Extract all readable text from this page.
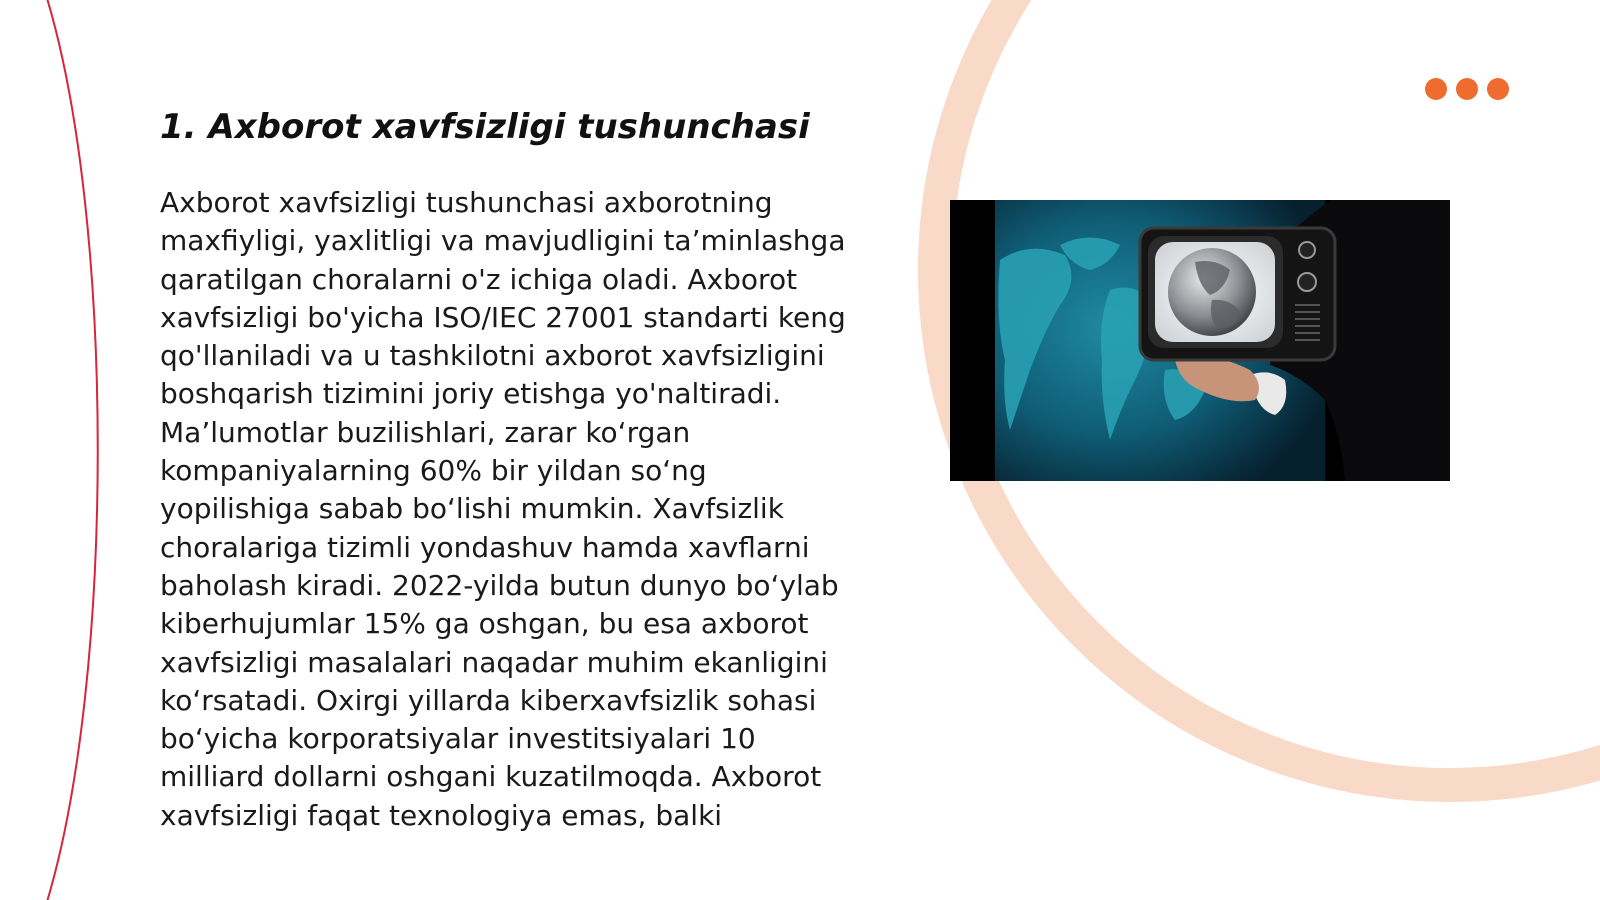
1. Axborot xavfsizligi tushunchasi

Axborot xavfsizligi tushunchasi axborotning maxfiyligi, yaxlitligi va mavjudligini ta’minlashga qaratilgan choralarni o'z ichiga oladi. Axborot xavfsizligi bo'yicha ISO/IEC 27001 standarti keng qo'llaniladi va u tashkilotni axborot xavfsizligini boshqarish tizimini joriy etishga yo'naltiradi. Ma’lumotlar buzilishlari, zarar ko‘rgan kompaniyalarning 60% bir yildan so‘ng yopilishiga sabab bo‘lishi mumkin. Xavfsizlik choralariga tizimli yondashuv hamda xavflarni baholash kiradi. 2022-yilda butun dunyo bo‘ylab kiberhujumlar 15% ga oshgan, bu esa axborot xavfsizligi masalalari naqadar muhim ekanligini ko‘rsatadi. Oxirgi yillarda kiberxavfsizlik sohasi bo‘yicha korporatsiyalar investitsiyalari 10 milliard dollarni oshgani kuzatilmoqda. Axborot xavfsizligi faqat texnologiya emas, balki
